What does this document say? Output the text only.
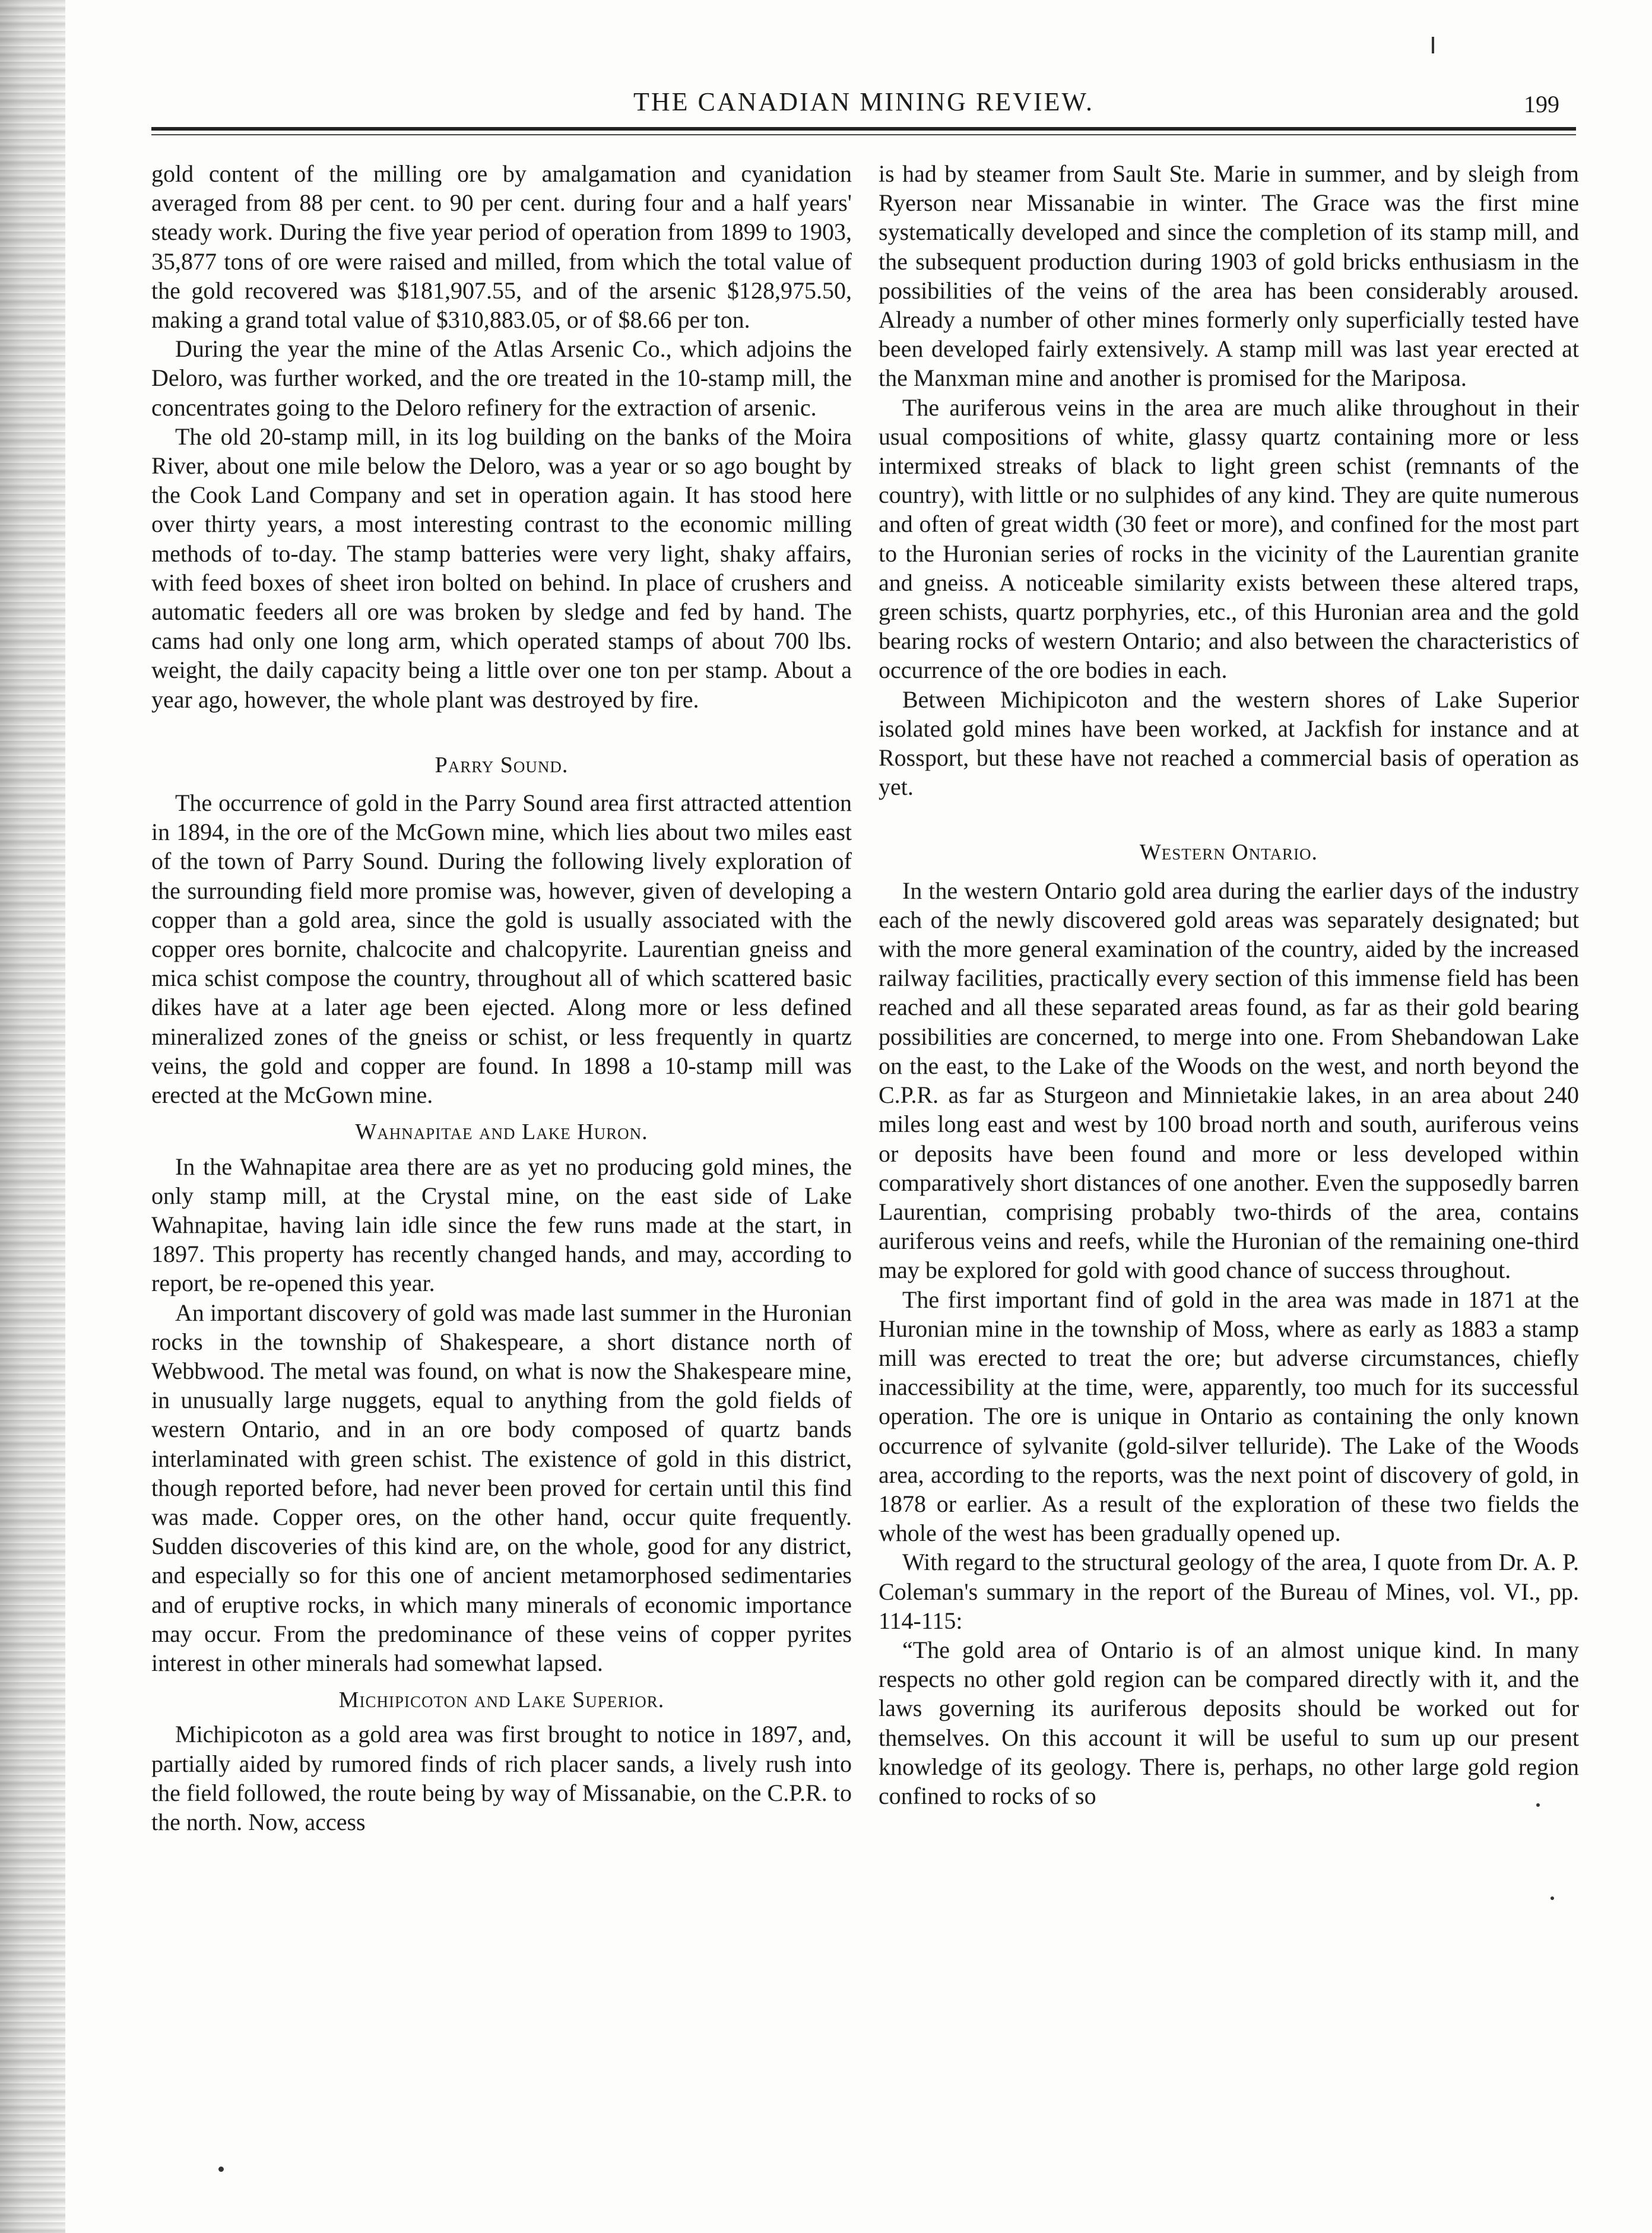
THE CANADIAN MINING REVIEW.	199

gold content of the milling ore by amalgamation and cyanidation averaged from 88 per cent. to 90 per cent. during four and a half years' steady work. During the five year period of operation from 1899 to 1903, 35,877 tons of ore were raised and milled, from which the total value of the gold recovered was $181,907.55, and of the arsenic $128,975.50, making a grand total value of $310,883.05, or of $8.66 per ton.

During the year the mine of the Atlas Arsenic Co., which adjoins the Deloro, was further worked, and the ore treated in the 10-stamp mill, the concentrates going to the Deloro refinery for the extraction of arsenic.

The old 20-stamp mill, in its log building on the banks of the Moira River, about one mile below the Deloro, was a year or so ago bought by the Cook Land Company and set in operation again. It has stood here over thirty years, a most interesting contrast to the economic milling methods of to-day. The stamp batteries were very light, shaky affairs, with feed boxes of sheet iron bolted on behind. In place of crushers and automatic feeders all ore was broken by sledge and fed by hand. The cams had only one long arm, which operated stamps of about 700 lbs. weight, the daily capacity being a little over one ton per stamp. About a year ago, however, the whole plant was destroyed by fire.

Parry Sound.

The occurrence of gold in the Parry Sound area first attracted attention in 1894, in the ore of the McGown mine, which lies about two miles east of the town of Parry Sound. During the following lively exploration of the surrounding field more promise was, however, given of developing a copper than a gold area, since the gold is usually associated with the copper ores bornite, chalcocite and chalcopyrite. Laurentian gneiss and mica schist compose the country, throughout all of which scattered basic dikes have at a later age been ejected. Along more or less defined mineralized zones of the gneiss or schist, or less frequently in quartz veins, the gold and copper are found. In 1898 a 10-stamp mill was erected at the McGown mine.

Wahnapitae and Lake Huron.

In the Wahnapitae area there are as yet no producing gold mines, the only stamp mill, at the Crystal mine, on the east side of Lake Wahnapitae, having lain idle since the few runs made at the start, in 1897. This property has recently changed hands, and may, according to report, be re-opened this year.

An important discovery of gold was made last summer in the Huronian rocks in the township of Shakespeare, a short distance north of Webbwood. The metal was found, on what is now the Shakespeare mine, in unusually large nuggets, equal to anything from the gold fields of western Ontario, and in an ore body composed of quartz bands interlaminated with green schist. The existence of gold in this district, though reported before, had never been proved for certain until this find was made. Copper ores, on the other hand, occur quite frequently. Sudden discoveries of this kind are, on the whole, good for any district, and especially so for this one of ancient metamorphosed sedimentaries and of eruptive rocks, in which many minerals of economic importance may occur. From the predominance of these veins of copper pyrites interest in other minerals had somewhat lapsed.

Michipicoton and Lake Superior.

Michipicoton as a gold area was first brought to notice in 1897, and, partially aided by rumored finds of rich placer sands, a lively rush into the field followed, the route being by way of Missanabie, on the C.P.R. to the north. Now, access

is had by steamer from Sault Ste. Marie in summer, and by sleigh from Ryerson near Missanabie in winter. The Grace was the first mine systematically developed and since the completion of its stamp mill, and the subsequent production during 1903 of gold bricks enthusiasm in the possibilities of the veins of the area has been considerably aroused. Already a number of other mines formerly only superficially tested have been developed fairly extensively. A stamp mill was last year erected at the Manxman mine and another is promised for the Mariposa.

The auriferous veins in the area are much alike throughout in their usual compositions of white, glassy quartz containing more or less intermixed streaks of black to light green schist (remnants of the country), with little or no sulphides of any kind. They are quite numerous and often of great width (30 feet or more), and confined for the most part to the Huronian series of rocks in the vicinity of the Laurentian granite and gneiss. A noticeable similarity exists between these altered traps, green schists, quartz porphyries, etc., of this Huronian area and the gold bearing rocks of western Ontario; and also between the characteristics of occurrence of the ore bodies in each.

Between Michipicoton and the western shores of Lake Superior isolated gold mines have been worked, at Jackfish for instance and at Rossport, but these have not reached a commercial basis of operation as yet.

Western Ontario.

In the western Ontario gold area during the earlier days of the industry each of the newly discovered gold areas was separately designated; but with the more general examination of the country, aided by the increased railway facilities, practically every section of this immense field has been reached and all these separated areas found, as far as their gold bearing possibilities are concerned, to merge into one. From Shebandowan Lake on the east, to the Lake of the Woods on the west, and north beyond the C.P.R. as far as Sturgeon and Minnietakie lakes, in an area about 240 miles long east and west by 100 broad north and south, auriferous veins or deposits have been found and more or less developed within comparatively short distances of one another. Even the supposedly barren Laurentian, comprising probably two-thirds of the area, contains auriferous veins and reefs, while the Huronian of the remaining one-third may be explored for gold with good chance of success throughout.

The first important find of gold in the area was made in 1871 at the Huronian mine in the township of Moss, where as early as 1883 a stamp mill was erected to treat the ore; but adverse circumstances, chiefly inaccessibility at the time, were, apparently, too much for its successful operation. The ore is unique in Ontario as containing the only known occurrence of sylvanite (gold-silver telluride). The Lake of the Woods area, according to the reports, was the next point of discovery of gold, in 1878 or earlier. As a result of the exploration of these two fields the whole of the west has been gradually opened up.

With regard to the structural geology of the area, I quote from Dr. A. P. Coleman's summary in the report of the Bureau of Mines, vol. VI., pp. 114-115:

“The gold area of Ontario is of an almost unique kind. In many respects no other gold region can be compared directly with it, and the laws governing its auriferous deposits should be worked out for themselves. On this account it will be useful to sum up our present knowledge of its geology. There is, perhaps, no other large gold region confined to rocks of so
